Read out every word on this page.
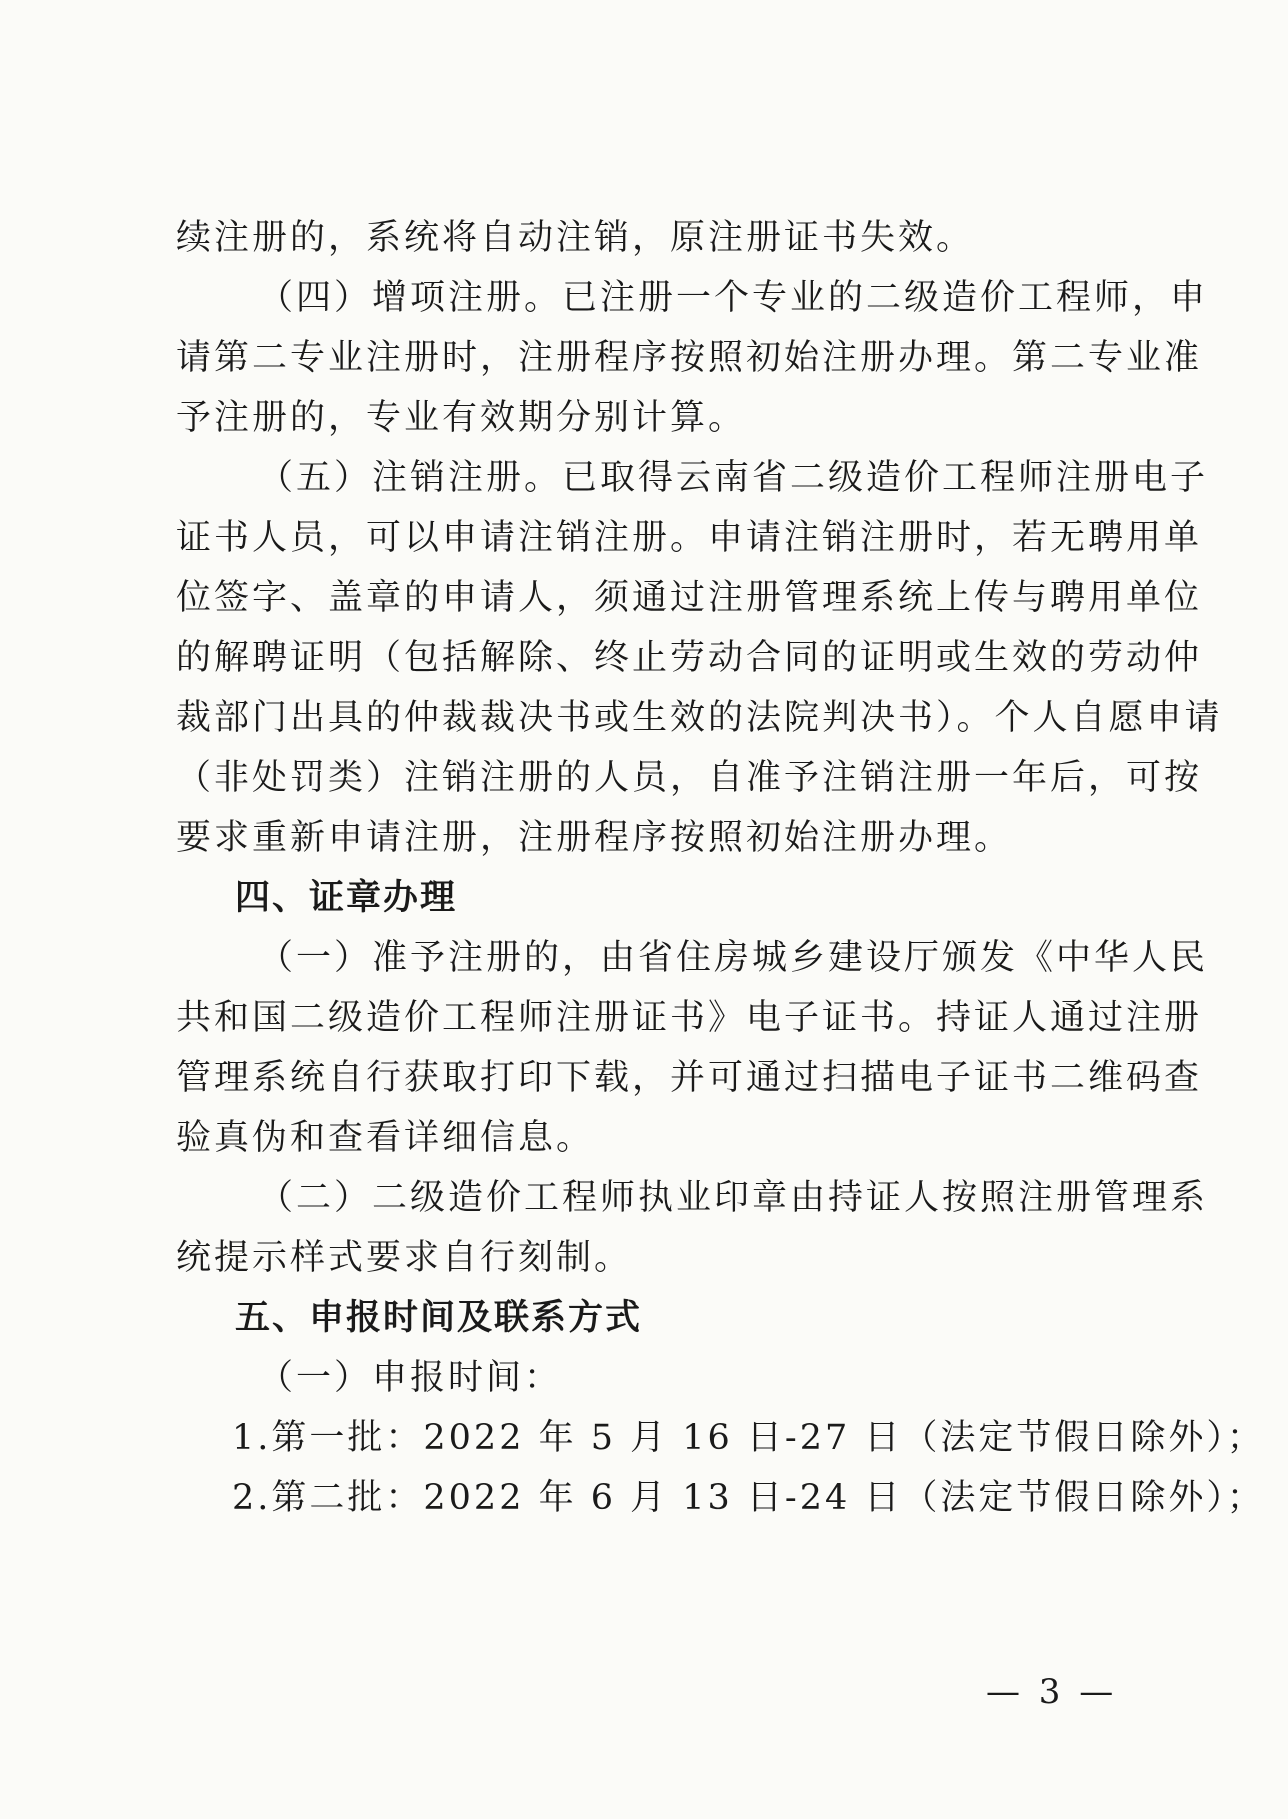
续注册的，系统将自动注销，原注册证书失效。
（四）增项注册。已注册一个专业的二级造价工程师，申
请第二专业注册时，注册程序按照初始注册办理。第二专业准
予注册的，专业有效期分别计算。
（五）注销注册。已取得云南省二级造价工程师注册电子
证书人员，可以申请注销注册。申请注销注册时，若无聘用单
位签字、盖章的申请人，须通过注册管理系统上传与聘用单位
的解聘证明（包括解除、终止劳动合同的证明或生效的劳动仲
裁部门出具的仲裁裁决书或生效的法院判决书）。个人自愿申请
（非处罚类）注销注册的人员，自准予注销注册一年后，可按
要求重新申请注册，注册程序按照初始注册办理。
四、证章办理
（一）准予注册的，由省住房城乡建设厅颁发《中华人民
共和国二级造价工程师注册证书》电子证书。持证人通过注册
管理系统自行获取打印下载，并可通过扫描电子证书二维码查
验真伪和查看详细信息。
（二）二级造价工程师执业印章由持证人按照注册管理系
统提示样式要求自行刻制。
五、申报时间及联系方式
（一）申报时间：
1.第一批：2022 年 5 月 16 日-27 日（法定节假日除外）；
2.第二批：2022 年 6 月 13 日-24 日（法定节假日除外）；
— 3 —
